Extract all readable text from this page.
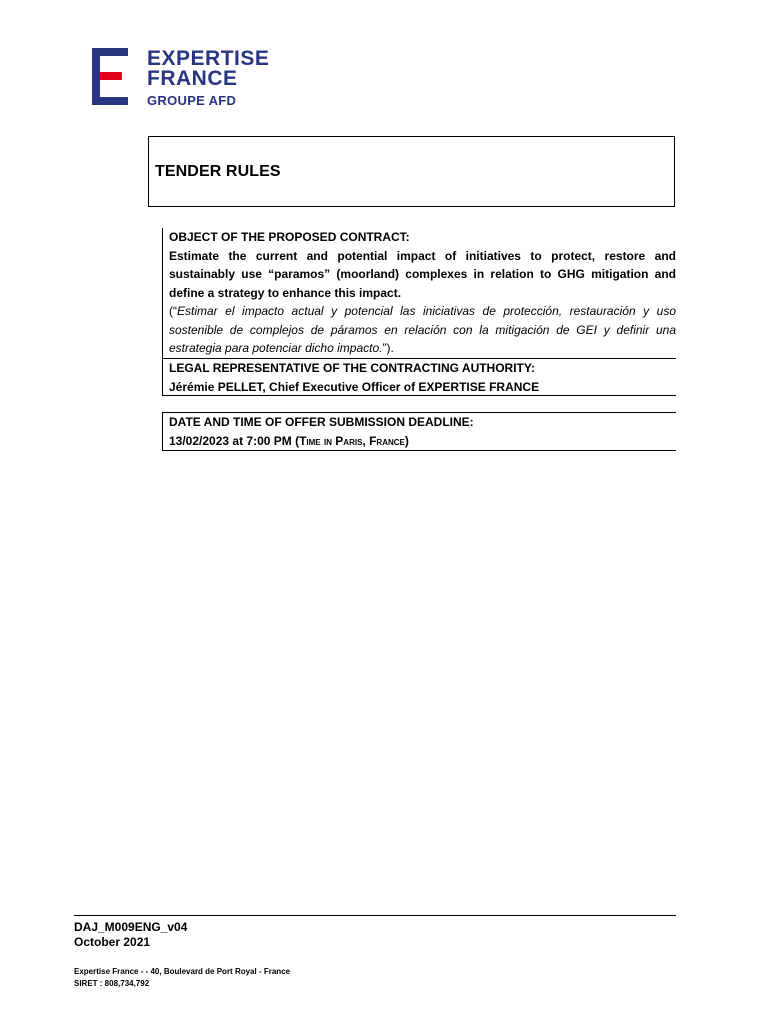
EXPERTISE
FRANCE
GROUPE AFD
TENDER RULES
OBJECT OF THE PROPOSED CONTRACT:
Estimate the current and potential impact of initiatives to protect, restore and sustainably use “paramos” (moorland) complexes in relation to GHG mitigation and define a strategy to enhance this impact.
(“Estimar el impacto actual y potencial las iniciativas de protección, restauración y uso sostenible de complejos de páramos en relación con la mitigación de GEI y definir una estrategia para potenciar dicho impacto.”).
LEGAL REPRESENTATIVE OF THE CONTRACTING AUTHORITY:
Jérémie PELLET, Chief Executive Officer of EXPERTISE FRANCE
DATE AND TIME OF OFFER SUBMISSION DEADLINE:
13/02/2023 at 7:00 PM (Time in Paris, France)
DAJ_M009ENG_v04
October 2021
Expertise France - - 40, Boulevard de Port Royal - France
SIRET : 808,734,792
